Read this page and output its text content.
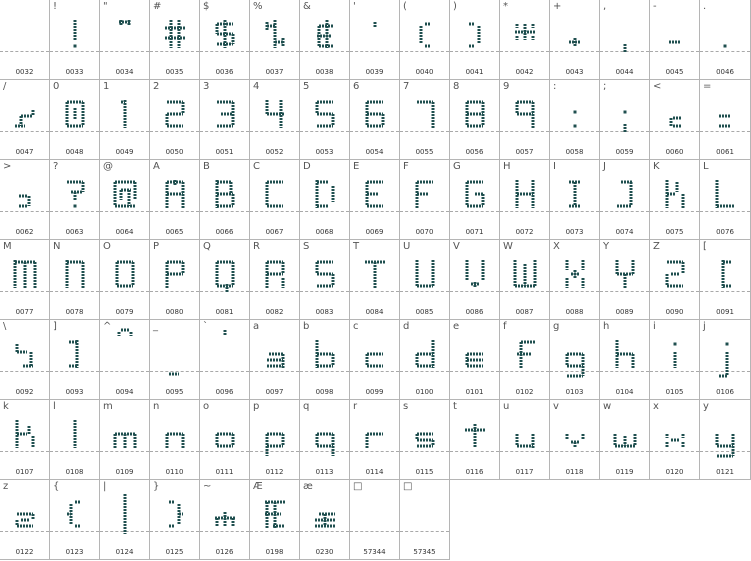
0032
!
0033
"
0034
#
0035
$
0036
%
0037
&
0038
'
0039
(
0040
)
0041
*
0042
+
0043
,
0044
-
0045
.
0046
/
0047
0
0048
1
0049
2
0050
3
0051
4
0052
5
0053
6
0054
7
0055
8
0056
9
0057
:
0058
;
0059
<
0060
=
0061
>
0062
?
0063
@
0064
A
0065
B
0066
C
0067
D
0068
E
0069
F
0070
G
0071
H
0072
I
0073
J
0074
K
0075
L
0076
M
0077
N
0078
O
0079
P
0080
Q
0081
R
0082
S
0083
T
0084
U
0085
V
0086
W
0087
X
0088
Y
0089
Z
0090
[
0091
\
0092
]
0093
^
0094
_
0095
`
0096
a
0097
b
0098
c
0099
d
0100
e
0101
f
0102
g
0103
h
0104
i
0105
j
0106
k
0107
l
0108
m
0109
n
0110
o
0111
p
0112
q
0113
r
0114
s
0115
t
0116
u
0117
v
0118
w
0119
x
0120
y
0121
z
0122
{
0123
|
0124
}
0125
~
0126
Æ
0198
æ
0230
□
57344
□
57345
